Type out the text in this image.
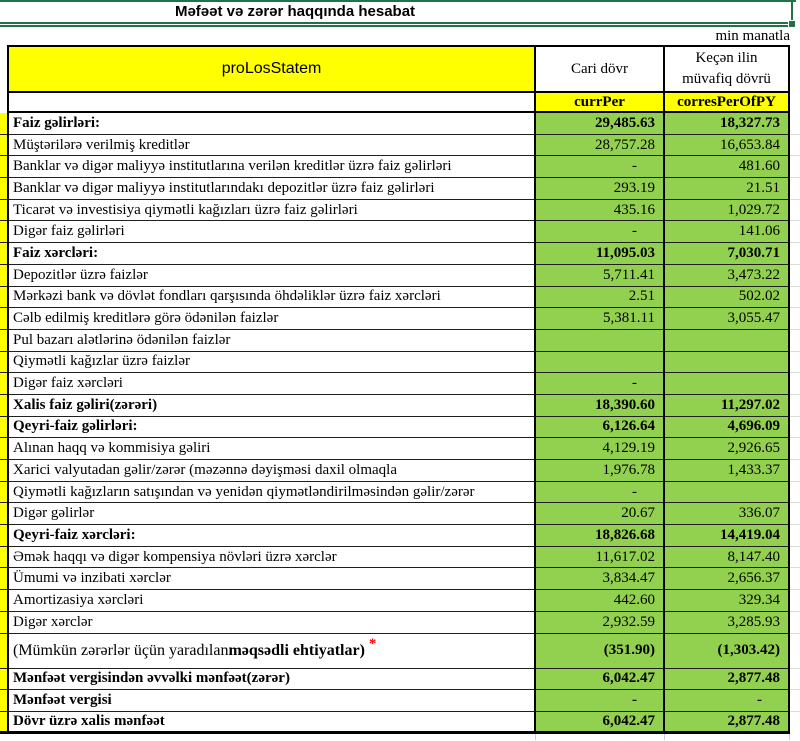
Məfəət və zərər haqqında hesabat
min manatla
proLosStatem	Cari dövr
Keçən ilin
müvafiq dövrü
currPer	corresPerOfPY
Faiz gəlirləri:	29,485.63	18,327.73
Müştərilərə verilmiş kreditlər	28,757.28	16,653.84
Banklar və digər maliyyə institutlarına verilən kreditlər üzrə faiz gəlirləri	-	481.60
Banklar və digər maliyyə institutlarındakı depozitlər üzrə faiz gəlirləri	293.19	21.51
Ticarət və investisiya qiymətli kağızları üzrə faiz gəlirləri	435.16	1,029.72
Digər faiz gəlirləri	-	141.06
Faiz xərcləri:	11,095.03	7,030.71
Depozitlər üzrə faizlər	5,711.41	3,473.22
Mərkəzi bank və dövlət fondları qarşısında öhdəliklər üzrə faiz xərcləri	2.51	502.02
Cəlb edilmiş kreditlərə görə ödənilən faizlər	5,381.11	3,055.47
Pul bazarı alətlərinə ödənilən faizlər
Qiymətli kağızlar üzrə faizlər
Digər faiz xərcləri	-
Xalis faiz gəliri(zərəri)	18,390.60	11,297.02
Qeyri-faiz gəlirləri:	6,126.64	4,696.09
Alınan haqq və kommisiya gəliri	4,129.19	2,926.65
Xarici valyutadan gəlir/zərər (məzənnə dəyişməsi daxil olmaqla	1,976.78	1,433.37
Qiymətli kağızların satışından və yenidən qiymətləndirilməsindən gəlir/zərər	-
Digər gəlirlər	20.67	336.07
Qeyri-faiz xərcləri:	18,826.68	14,419.04
Əmək haqqı və digər kompensiya növləri üzrə xərclər	11,617.02	8,147.40
Ümumi və inzibati xərclər	3,834.47	2,656.37
Amortizasiya xərcləri	442.60	329.34
Digər xərclər	2,932.59	3,285.93
(Mümkün zərərlər üçün yaradılan məqsədli ehtiyatlar) *	(351.90)	(1,303.42)
Mənfəət vergisindən əvvəlki mənfəət(zərər)	6,042.47	2,877.48
Mənfəət vergisi	-	-
Dövr üzrə xalis mənfəət	6,042.47	2,877.48
